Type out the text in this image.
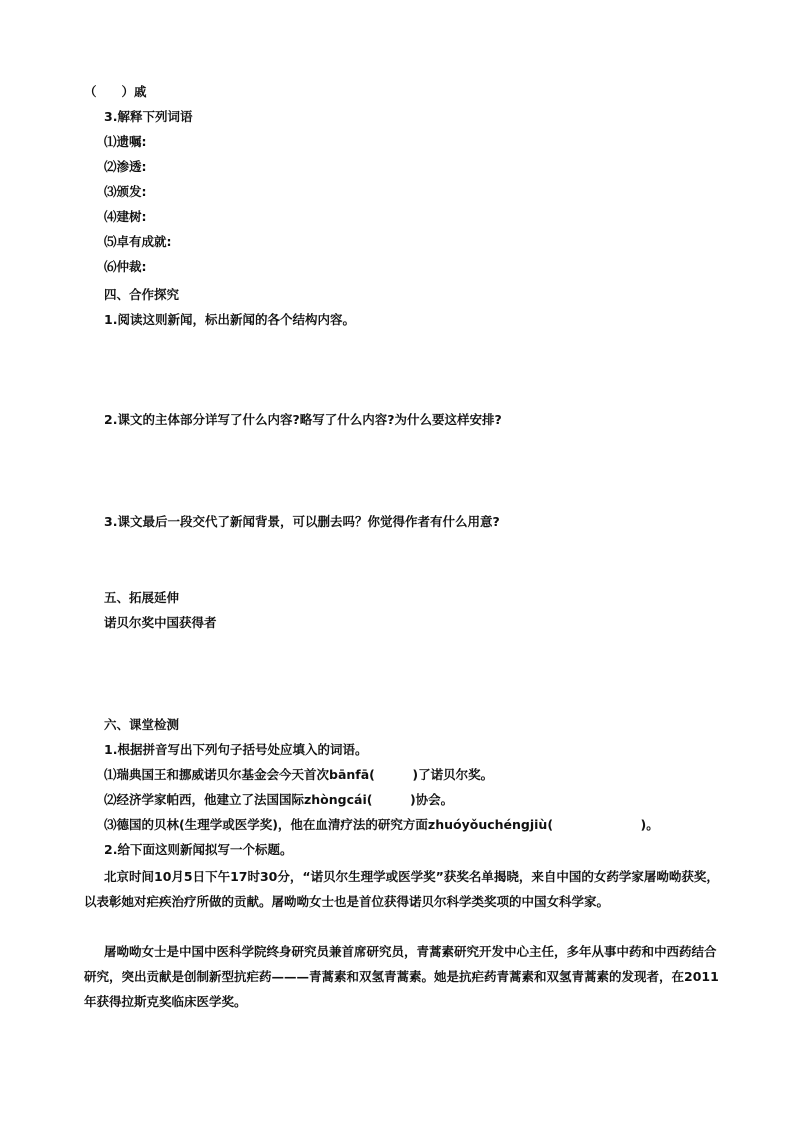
（　　）戚
3.解释下列词语
⑴遗嘱:
⑵渗透:
⑶颁发:
⑷建树:
⑸卓有成就:
⑹仲裁:
四、合作探究
1.阅读这则新闻，标出新闻的各个结构内容。
2.课文的主体部分详写了什么内容?略写了什么内容?为什么要这样安排?
3.课文最后一段交代了新闻背景，可以删去吗？你觉得作者有什么用意?
五、拓展延伸
诺贝尔奖中国获得者
六、课堂检测
1.根据拼音写出下列句子括号处应填入的词语。
⑴瑞典国王和挪威诺贝尔基金会今天首次bānfā(　　　)了诺贝尔奖。
⑵经济学家帕西，他建立了法国国际zhòngcái(　　　)协会。
⑶德国的贝林(生理学或医学奖)，他在血清疗法的研究方面zhuóyǒuchéngjiù(　　　　　　　)。
2.给下面这则新闻拟写一个标题。
北京时间10月5日下午17时30分，“诺贝尔生理学或医学奖”获奖名单揭晓，来自中国的女药学家屠呦呦获奖，以表彰她对疟疾治疗所做的贡献。屠呦呦女士也是首位获得诺贝尔科学类奖项的中国女科学家。
屠呦呦女士是中国中医科学院终身研究员兼首席研究员，青蒿素研究开发中心主任，多年从事中药和中西药结合研究，突出贡献是创制新型抗疟药———青蒿素和双氢青蒿素。她是抗疟药青蒿素和双氢青蒿素的发现者，在2011年获得拉斯克奖临床医学奖。
